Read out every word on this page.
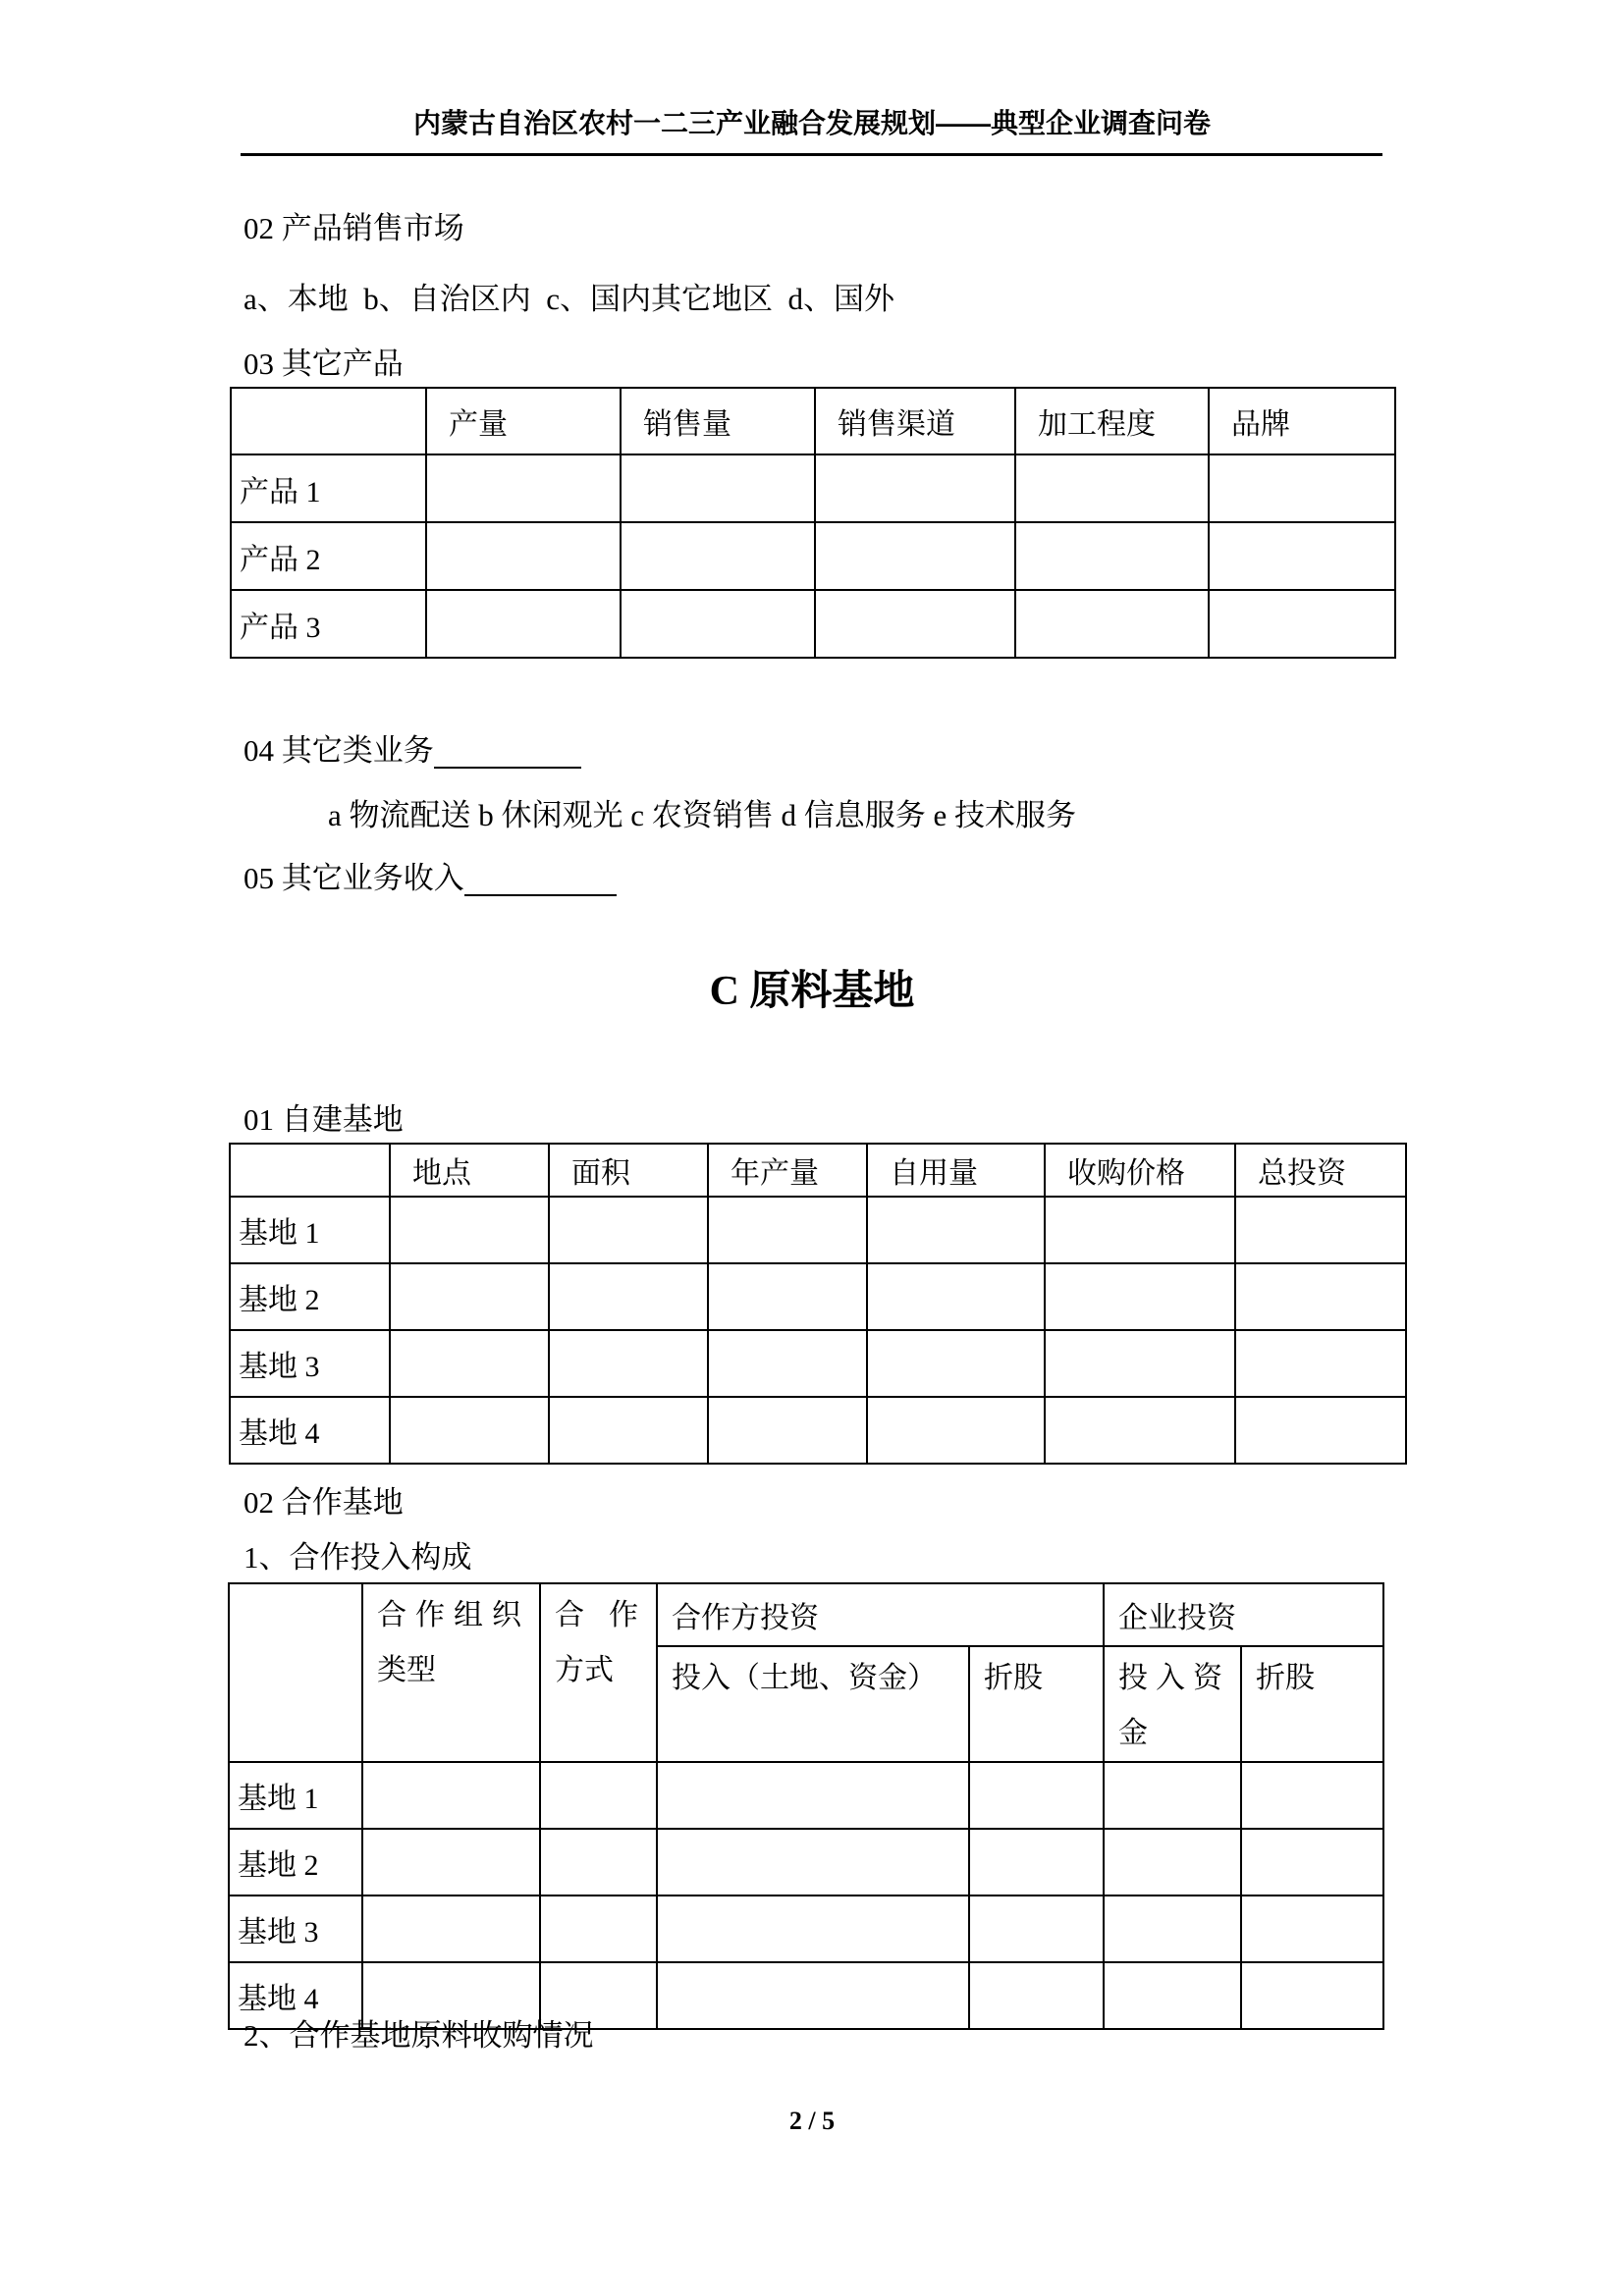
内蒙古自治区农村一二三产业融合发展规划——典型企业调查问卷
02 产品销售市场
a、本地  b、自治区内  c、国内其它地区  d、国外
03 其它产品
	产量	销售量	销售渠道	加工程度	品牌
产品 1					
产品 2					
产品 3					
04 其它类业务
a 物流配送 b 休闲观光 c 农资销售 d 信息服务 e 技术服务
05 其它业务收入
C 原料基地
01 自建基地
	地点	面积	年产量	自用量	收购价格	总投资
基地 1						
基地 2						
基地 3						
基地 4						
02 合作基地
1、合作投入构成
	合作组织类型	合作方式	合作方投资		企业投资	
			投入（土地、资金）	折股	投入资金	折股
基地 1						
基地 2						
基地 3						
基地 4						
2、合作基地原料收购情况
2 / 5
